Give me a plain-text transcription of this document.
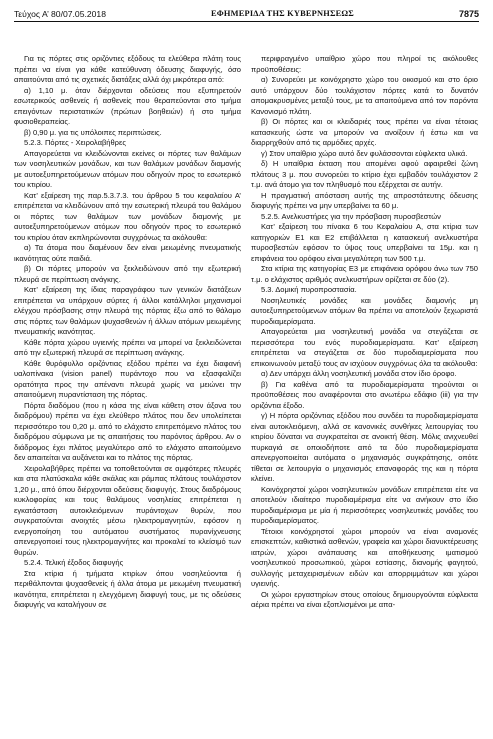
Τεύχος Α’ 80/07.05.2018	ΕΦΗΜΕΡΙΔΑ ΤΗΣ ΚΥΒΕΡΝΗΣΕΩΣ	7875

Για τις πόρτες στις οριζόντιες εξόδους τα ελεύθερα πλάτη τους πρέπει να είναι για κάθε κατεύθυνση όδευσης διαφυγής, όσο απαιτούνται από τις σχετικές διατάξεις αλλά όχι μικρότερα από:

α) 1,10 μ. όταν διέρχονται οδεύσεις που εξυπηρετούν εσωτερικούς ασθενείς ή ασθενείς που θεραπεύονται στο τμήμα επειγόντων περιστατικών (πρώτων βοηθειών) ή στο τμήμα φυσιοθεραπείας.

β) 0,90 μ. για τις υπόλοιπες περιπτώσεις.

5.2.3. Πόρτες - Χειρολαβήθρες

Απαγορεύεται να κλειδώνονται εκείνες οι πόρτες των θαλάμων των νοσηλευτικών μονάδων, και των θαλάμων μονάδων διαμονής με αυτοεξυπηρετούμενων ατόμων που οδηγούν προς το εσωτερικό του κτιρίου.

Κατ’ εξαίρεση της παρ.5.3.7.3. του άρθρου 5 του κεφαλαίου Α’ επιτρέπεται να κλειδώνουν από την εσωτερική πλευρά του θαλάμου οι πόρτες των θαλάμων των μονάδων διαμονής με αυτοεξυπηρετούμενων ατόμων που οδηγούν προς το εσωτερικό του κτιρίου όταν εκπληρώνονται συγχρόνως τα ακόλουθα:

α) Τα άτομα που διαμένουν δεν είναι μειωμένης πνευματικής ικανότητας ούτε παιδιά.

β) Οι πόρτες μπορούν να ξεκλειδώνουν από την εξωτερική πλευρά σε περίπτωση ανάγκης.

Κατ’ εξαίρεση της ίδιας παραγράφου των γενικών διατάξεων επιτρέπεται να υπάρχουν σύρτες ή άλλοι κατάλληλοι μηχανισμοί ελέγχου πρόσβασης στην πλευρά της πόρτας έξω από το θάλαμο στις πόρτες των θαλάμων ψυχασθενών ή άλλων ατόμων μειωμένης πνευματικής ικανότητας.

Κάθε πόρτα χώρου υγιεινής πρέπει να μπορεί να ξεκλειδώνεται από την εξωτερική πλευρά σε περίπτωση ανάγκης.

Κάθε θυρόφυλλο οριζόντιας εξόδου πρέπει να έχει διαφανή υαλοπίνακα (vision panel) πυράντοχο που να εξασφαλίζει ορατότητα προς την απέναντι πλευρά χωρίς να μειώνει την απαιτούμενη πυραντίσταση της πόρτας.

Πόρτα διαδόμου (που η κάσα της είναι κάθετη στον άξονα του διαδρόμου) πρέπει να έχει ελεύθερο πλάτος που δεν υπολείπεται περισσότερο του 0,20 μ. από το ελάχιστο επιτρεπόμενο πλάτος του διαδρόμου σύμφωνα με τις απαιτήσεις του παρόντος άρθρου. Αν ο διάδρομος έχει πλάτος μεγαλύτερο από το ελάχιστο απαιτούμενο δεν απαιτείται να αυξάνεται και το πλάτος της πόρτας.

Χειρολαβήθρες πρέπει να τοποθετούνται σε αμφότερες πλευρές και στα πλατύσκαλα κάθε σκάλας και ράμπας πλάτους τουλάχιστον 1,20 μ., από όπου διέρχονται οδεύσεις διαφυγής. Στους διαδρόμους κυκλοφορίας και τους θαλάμους νοσηλείας επιτρέπεται η εγκατάσταση αυτοκλειόμενων πυράντοχων θυρών, που συγκρατούνται ανοιχτές μέσω ηλεκτρομαγνητών, εφόσον η ενεργοποίηση του αυτόματου συστήματος πυρανίχνευσης απενεργοποιεί τους ηλεκτρομαγνήτες και προκαλεί το κλείσιμό των θυρών.

5.2.4. Τελική έξοδος διαφυγής

Στα κτίρια ή τμήματα κτιρίων όπου νοσηλεύονται ή περιθάλπονται ψυχασθενείς ή άλλα άτομα με μειωμένη πνευματική ικανότητα, επιτρέπεται η ελεγχόμενη διαφυγή τους, με τις οδεύσεις διαφυγής να καταλήγουν σε

περιφραγμένο υπαίθριο χώρο που πληροί τις ακόλουθες προϋποθέσεις:

α) Συνορεύει με κοινόχρηστο χώρο του οικισμού και στο όριο αυτό υπάρχουν δύο τουλάχιστον πόρτες κατά το δυνατόν απομακρυσμένες μεταξύ τους, με τα απαιτούμενα από τον παρόντα Κανονισμό πλάτη.

β) Οι πόρτες και οι κλειδαριές τους πρέπει να είναι τέτοιας κατασκευής ώστε να μπορούν να ανοίξουν ή έστω και να διαρρηχθούν από τις αρμόδιες αρχές.

γ) Στον υπαίθριο χώρο αυτό δεν φυλάσσονται εύφλεκτα υλικά.

δ) Η υπαίθρια έκταση που απομένει αφού αφαιρεθεί ζώνη πλάτους 3 μ. που συνορεύει το κτίριο έχει εμβαδόν τουλάχιστον 2 τ.μ. ανά άτομο για τον πληθυσμό που εξέρχεται σε αυτήν.

Η πραγματική απόσταση αυτής της απροστάτευτης όδευσης διαφυγής πρέπει να μην υπερβαίνει τα 60 μ.

5.2.5. Ανελκυστήρες για την πρόσβαση πυροσβεστών

Κατ’ εξαίρεση του πίνακα 6 του Κεφαλαίου Α, στα κτίρια των κατηγοριών Ε1 και Ε2 επιβάλλεται η κατασκευή ανελκυστήρα πυροσβεστών εφόσον το ύψος τους υπερβαίνει τα 15μ. και η επιφάνεια του ορόφου είναι μεγαλύτερη των 500 τ.μ.

Στα κτίρια της κατηγορίας Ε3 με επιφάνεια ορόφου άνω των 750 τ.μ. ο ελάχιστος αριθμός ανελκυστήρων ορίζεται σε δύο (2).

5.3. Δομική πυροπροστασία.

Νοσηλευτικές μονάδες και μονάδες διαμονής μη αυτοεξυπηρετούμενων ατόμων θα πρέπει να αποτελούν ξεχωριστά πυροδιαμερίσματα.

Απαγορεύεται μια νοσηλευτική μονάδα να στεγάζεται σε περισσότερα του ενός πυροδιαμερίσματα. Κατ’ εξαίρεση επιτρέπεται να στεγάζεται σε δύο πυροδιαμερίσματα που επικοινωνούν μεταξύ τους αν ισχύουν συγχρόνως όλα τα ακόλουθα:

α) Δεν υπάρχει άλλη νοσηλευτική μονάδα στον ίδιο όροφο.

β) Για καθένα από τα πυροδιαμερίσματα τηρούνται οι προϋποθέσεις που αναφέρονται στο ανωτέρω εδάφιο (iii) για την οριζόντια έξοδο.

γ) Η πόρτα οριζόντιας εξόδου που συνδέει τα πυροδιαμερίσματα είναι αυτοκλειόμενη, αλλά σε κανονικές συνθήκες λειτουργίας του κτιρίου δύναται να συγκρατείται σε ανοικτή θέση. Μόλις ανιχνευθεί πυρκαγιά σε οποιοδήποτε από τα δύο πυροδιαμερίσματα απενεργοποιείται αυτόματα ο μηχανισμός συγκράτησης, οπότε τίθεται σε λειτουργία ο μηχανισμός επαναφοράς της και η πόρτα κλείνει.

Κοινόχρηστοί χώροι νοσηλευτικών μονάδων επιτρέπεται είτε να αποτελούν ιδιαίτερο πυροδιαμέρισμα είτε να ανήκουν στο ίδιο πυροδιαμέρισμα με μία ή περισσότερες νοσηλευτικές μονάδες του πυροδιαμερίσματος.

Τέτοιοι κοινόχρηστοί χώροι μπορούν να είναι αναμονές επισκεπτών, καθιστικά ασθενών, γραφεία και χώροι διανυκτέρευσης ιατρών, χώροι ανάπαυσης και αποθήκευσης ιματισμού νοσηλευτικού προσωπικού, χώροι εστίασης, διανομής φαγητού, συλλογής μεταχειρισμένων ειδών και απορριμμάτων και χώροι υγιεινής.

Οι χώροι εργαστηρίων στους οποίους δημιουργούνται εύφλεκτα αέρια πρέπει να είναι εξοπλισμένοι με απα-
